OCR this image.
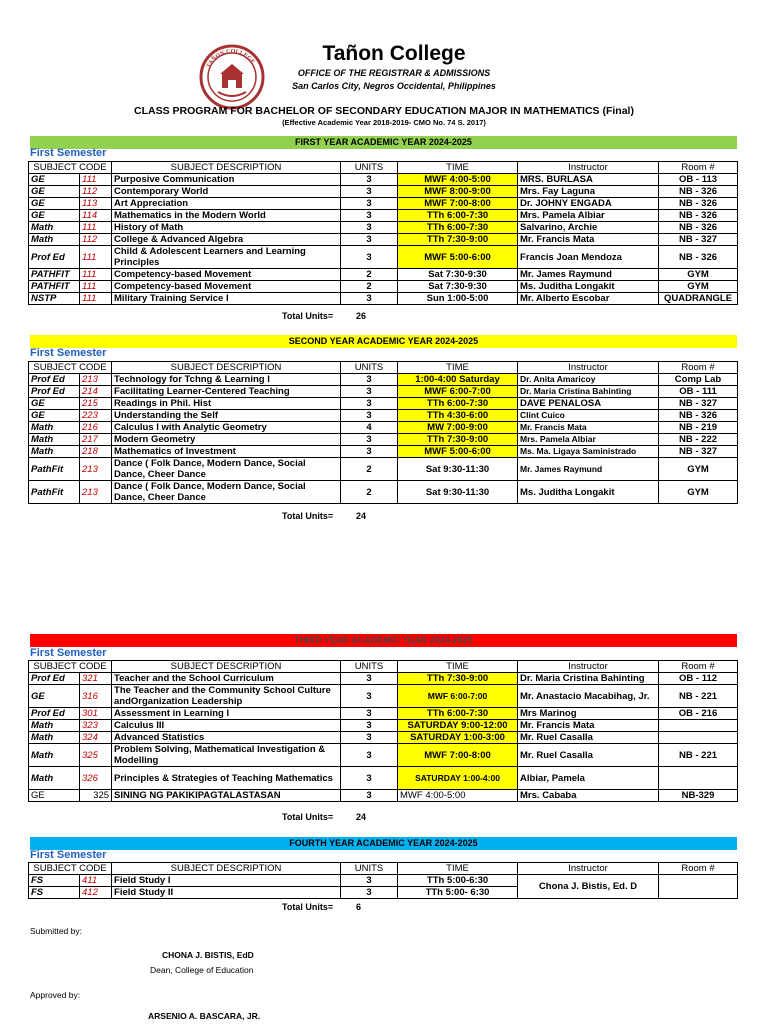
TAÑON COLLEGE	Tañon College
OFFICE OF THE REGISTRAR & ADMISSIONS
San Carlos City, Negros Occidental, Philippines
CLASS PROGRAM FOR BACHELOR OF SECONDARY EDUCATION MAJOR IN MATHEMATICS (Final)
(Effective Academic Year 2018-2019- CMO No. 74 S. 2017)
FIRST YEAR ACADEMIC YEAR 2024-2025
First Semester
SUBJECT CODE		SUBJECT DESCRIPTION	UNITS	TIME	Instructor	Room #
GE	111	Purposive Communication	3	MWF 4:00-5:00	MRS. BURLASA	OB - 113
GE	112	Contemporary World	3	MWF 8:00-9:00	Mrs. Fay Laguna	NB - 326
GE	113	Art Appreciation	3	MWF 7:00-8:00	Dr. JOHNY ENGADA	NB - 326
GE	114	Mathematics in the Modern World	3	TTh 6:00-7:30	Mrs. Pamela Albiar	NB - 326
Math	111	History of Math	3	TTh 6:00-7:30	Salvarino, Archie	NB - 326
Math	112	College & Advanced Algebra	3	TTh 7:30-9:00	Mr. Francis Mata	NB - 327
Prof Ed	111	Child & Adolescent Learners and Learning Principles	3	MWF 5:00-6:00	Francis Joan Mendoza	NB - 326
PATHFIT	111	Competency-based Movement	2	Sat 7:30-9:30	Mr. James Raymund	GYM
PATHFIT	111	Competency-based Movement	2	Sat 7:30-9:30	Ms. Juditha Longakit	GYM
NSTP	111	Military Training Service I	3	Sun 1:00-5:00	Mr. Alberto Escobar	QUADRANGLE
Total Units=	26
SECOND YEAR ACADEMIC YEAR 2024-2025
First Semester
SUBJECT CODE		SUBJECT DESCRIPTION	UNITS	TIME	Instructor	Room #
Prof Ed	213	Technology for Tchng & Learning I	3	1:00-4:00 Saturday	Dr. Anita Amaricoy	Comp Lab
Prof Ed	214	Facilitating Learner-Centered Teaching	3	MWF 6:00-7:00	Dr. Maria Cristina Bahinting	OB - 111
GE	215	Readings in Phil. Hist	3	TTh 6:00-7:30	DAVE PENALOSA	NB - 327
GE	223	Understanding the Self	3	TTh 4:30-6:00	Clint Cuico	NB - 326
Math	216	Calculus I with Analytic Geometry	4	MW 7:00-9:00	Mr. Francis Mata	NB - 219
Math	217	Modern Geometry	3	TTh 7:30-9:00	Mrs. Pamela Albiar	NB - 222
Math	218	Mathematics of Investment	3	MWF 5:00-6:00	Ms. Ma. Ligaya Saministrado	NB - 327
PathFit	213	Dance ( Folk Dance, Modern Dance, Social Dance, Cheer Dance	2	Sat 9:30-11:30	Mr. James Raymund	GYM
PathFit	213	Dance ( Folk Dance, Modern Dance, Social Dance, Cheer Dance	2	Sat 9:30-11:30	Ms. Juditha Longakit	GYM
Total Units=	24
THIRD YEAR ACADEMIC YEAR 2024-2025
First Semester
SUBJECT CODE		SUBJECT DESCRIPTION	UNITS	TIME	Instructor	Room #
Prof Ed	321	Teacher and the School Curriculum	3	TTh 7:30-9:00	Dr. Maria Cristina Bahinting	OB - 112
GE	316	The Teacher and the Community School Culture andOrganization Leadership	3	MWF 6:00-7:00	Mr. Anastacio Macabihag, Jr.	NB - 221
Prof Ed	301	Assessment in Learning I	3	TTh 6:00-7:30	Mrs Marinog	OB - 216
Math	323	Calculus III	3	SATURDAY 9:00-12:00	Mr. Francis Mata	
Math	324	Advanced Statistics	3	SATURDAY 1:00-3:00	Mr. Ruel Casalla	
Math	325	Problem Solving, Mathematical Investigation & Modelling	3	MWF 7:00-8:00	Mr. Ruel Casalla	NB - 221
Math	326	Principles & Strategies of Teaching Mathematics	3	SATURDAY 1:00-4:00	Albiar, Pamela	
GE	325	SINING NG PAKIKIPAGTALASTASAN	3	MWF 4:00-5:00	Mrs. Cababa	NB-329
Total Units=	24
FOURTH YEAR ACADEMIC YEAR 2024-2025
First Semester
SUBJECT CODE		SUBJECT DESCRIPTION	UNITS	TIME	Instructor	Room #
FS	411	Field Study I	3	TTh 5:00-6:30	Chona J. Bistis, Ed. D	
FS	412	Field Study II	3	TTh 5:00- 6:30		
Total Units=	6
Submitted by:
CHONA J. BISTIS, EdD
Dean, College of Education
Approved by:
ARSENIO A. BASCARA, JR.
